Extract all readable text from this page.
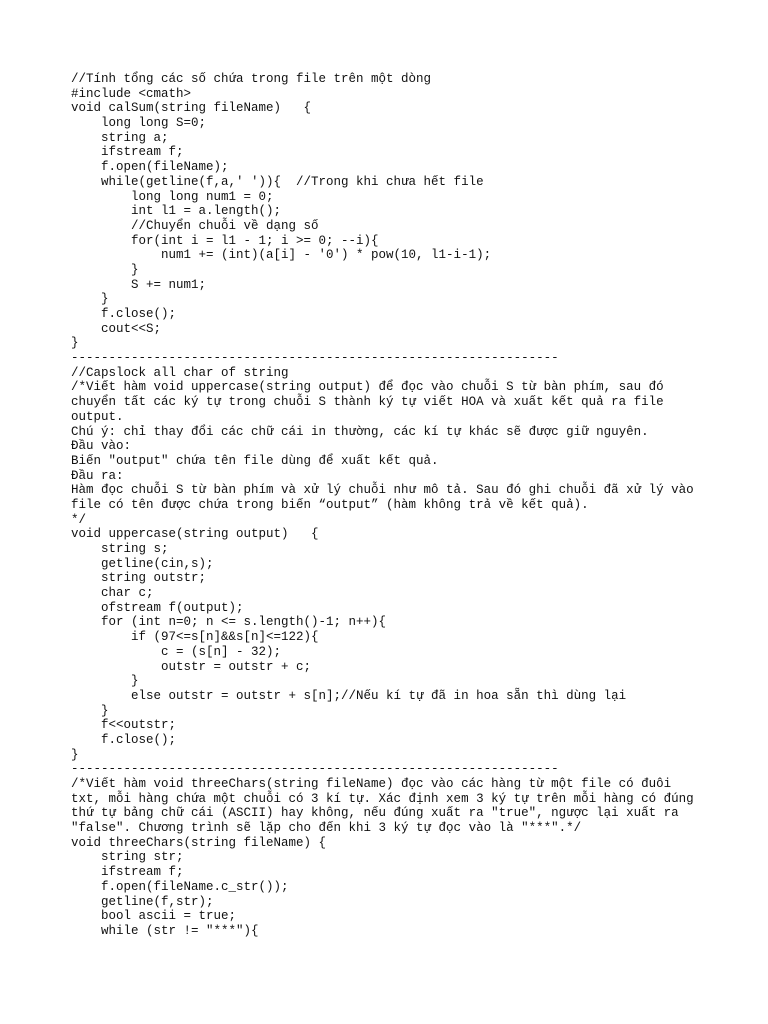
//Tính tổng các số chứa trong file trên một dòng
#include <cmath>
void calSum(string fileName)   {
long long S=0;
string a;
ifstream f;
f.open(fileName);
while(getline(f,a,' ')){  //Trong khi chưa hết file
long long num1 = 0;
int l1 = a.length();
//Chuyển chuỗi về dạng số
for(int i = l1 - 1; i >= 0; --i){
num1 += (int)(a[i] - '0') * pow(10, l1-i-1);
}
S += num1;
}
f.close();
cout<<S;
}
-----------------------------------------------------------------
//Capslock all char of string
/*Viết hàm void uppercase(string output) để đọc vào chuỗi S từ bàn phím, sau đó
chuyển tất các ký tự trong chuỗi S thành ký tự viết HOA và xuất kết quả ra file
output.
Chú ý: chỉ thay đổi các chữ cái in thường, các kí tự khác sẽ được giữ nguyên.
Đầu vào:
Biến "output" chứa tên file dùng để xuất kết quả.
Đầu ra:
Hàm đọc chuỗi S từ bàn phím và xử lý chuỗi như mô tả. Sau đó ghi chuỗi đã xử lý vào
file có tên được chứa trong biến “output” (hàm không trả về kết quả).
*/
void uppercase(string output)   {
string s;
getline(cin,s);
string outstr;
char c;
ofstream f(output);
for (int n=0; n <= s.length()-1; n++){
if (97<=s[n]&&s[n]<=122){
c = (s[n] - 32);
outstr = outstr + c;
}
else outstr = outstr + s[n];//Nếu kí tự đã in hoa sẵn thì dùng lại
}
f<<outstr;
f.close();
}
-----------------------------------------------------------------
/*Viết hàm void threeChars(string fileName) đọc vào các hàng từ một file có đuôi
txt, mỗi hàng chứa một chuỗi có 3 kí tự. Xác định xem 3 ký tự trên mỗi hàng có đúng
thứ tự bảng chữ cái (ASCII) hay không, nếu đúng xuất ra "true", ngược lại xuất ra
"false". Chương trình sẽ lặp cho đến khi 3 ký tự đọc vào là "***".*/
void threeChars(string fileName) {
string str;
ifstream f;
f.open(fileName.c_str());
getline(f,str);
bool ascii = true;
while (str != "***"){
